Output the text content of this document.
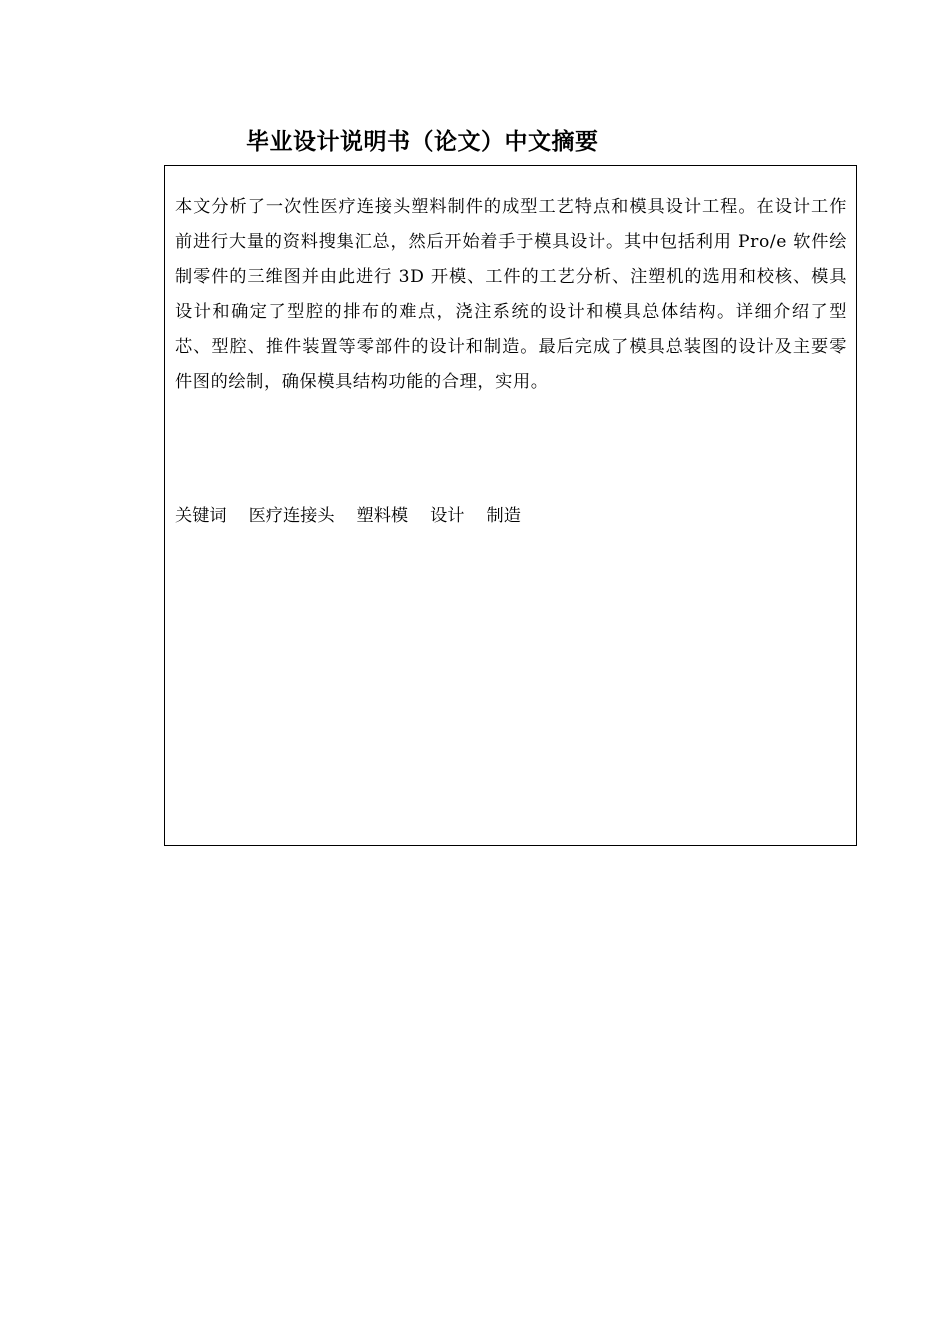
毕业设计说明书（论文）中文摘要

本文分析了一次性医疗连接头塑料制件的成型工艺特点和模具设计工程。在设计工作前进行大量的资料搜集汇总，然后开始着手于模具设计。其中包括利用 Pro/e 软件绘制零件的三维图并由此进行 3D 开模、工件的工艺分析、注塑机的选用和校核、模具设计和确定了型腔的排布的难点，浇注系统的设计和模具总体结构。详细介绍了型芯、型腔、推件装置等零部件的设计和制造。最后完成了模具总装图的设计及主要零件图的绘制，确保模具结构功能的合理，实用。

关键词 医疗连接头 塑料模 设计 制造
